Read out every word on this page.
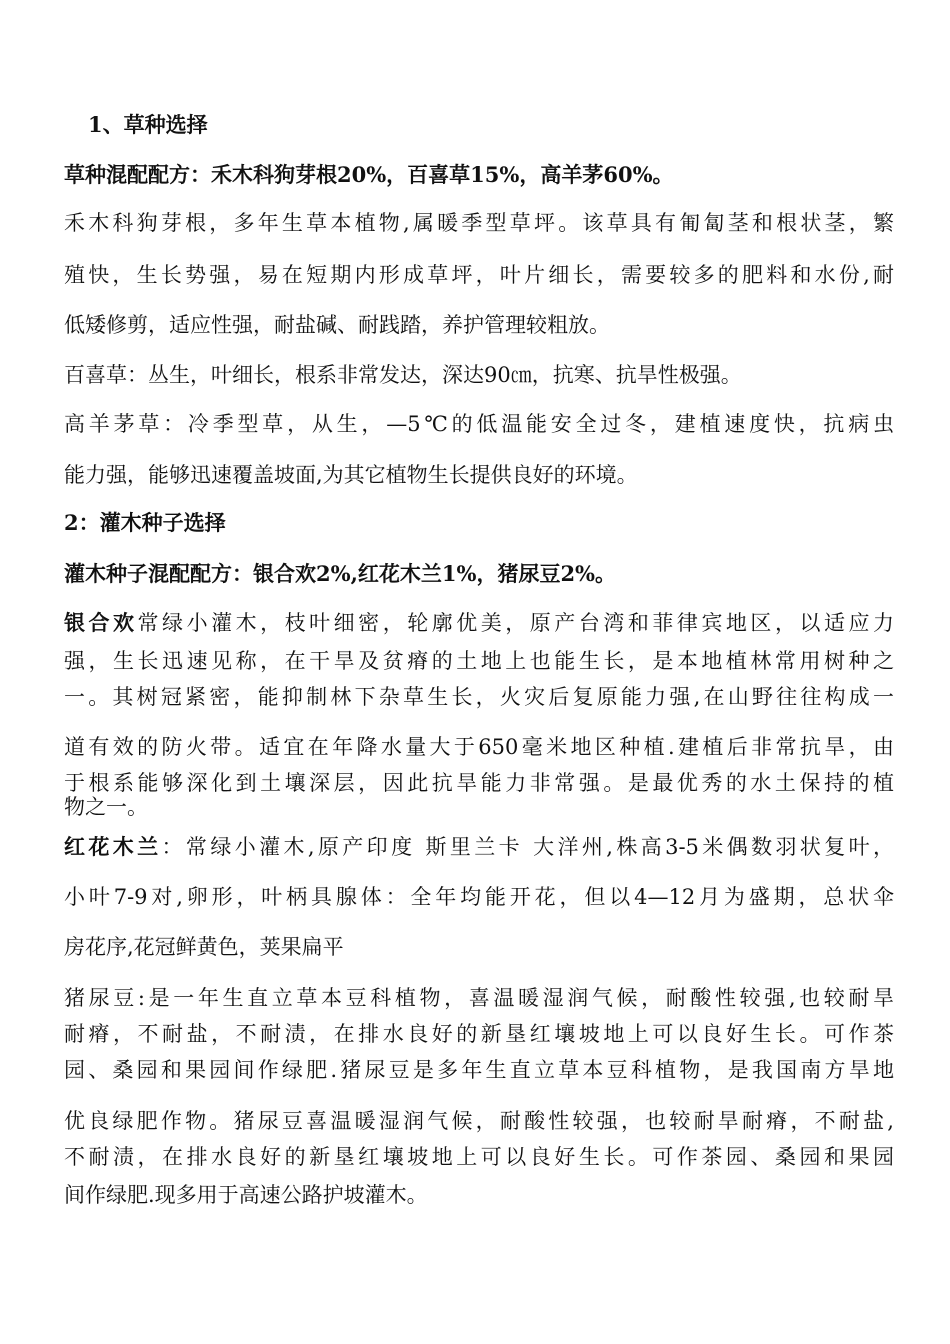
1、草种选择
草种混配配方：禾木科狗芽根20%，百喜草15%，高羊茅60%。
禾木科狗芽根，多年生草本植物,属暖季型草坪。该草具有匍匐茎和根状茎，繁
殖快，生长势强，易在短期内形成草坪，叶片细长，需要较多的肥料和水份,耐
低矮修剪，适应性强，耐盐碱、耐践踏，养护管理较粗放。
百喜草：丛生，叶细长，根系非常发达，深达90㎝，抗寒、抗旱性极强。
高羊茅草：冷季型草，从生，—5℃的低温能安全过冬，建植速度快，抗病虫
能力强，能够迅速覆盖坡面,为其它植物生长提供良好的环境。
2：灌木种子选择
灌木种子混配配方：银合欢2%,红花木兰1%，猪尿豆2%。
银合欢常绿小灌木，枝叶细密，轮廓优美，原产台湾和菲律宾地区，以适应力
强，生长迅速见称，在干旱及贫瘠的土地上也能生长，是本地植林常用树种之
一。其树冠紧密，能抑制林下杂草生长，火灾后复原能力强,在山野往往构成一
道有效的防火带。适宜在年降水量大于650毫米地区种植.建植后非常抗旱，由
于根系能够深化到土壤深层，因此抗旱能力非常强。是最优秀的水土保持的植
物之一。
红花木兰：常绿小灌木,原产印度 斯里兰卡 大洋州,株高3-5米偶数羽状复叶，
小叶7-9对,卵形，叶柄具腺体：全年均能开花，但以4—12月为盛期，总状伞
房花序,花冠鲜黄色，荚果扁平
猪尿豆:是一年生直立草本豆科植物，喜温暖湿润气候，耐酸性较强,也较耐旱
耐瘠，不耐盐，不耐渍，在排水良好的新垦红壤坡地上可以良好生长。可作茶
园、桑园和果园间作绿肥.猪尿豆是多年生直立草本豆科植物，是我国南方旱地
优良绿肥作物。猪尿豆喜温暖湿润气候，耐酸性较强，也较耐旱耐瘠，不耐盐,
不耐渍，在排水良好的新垦红壤坡地上可以良好生长。可作茶园、桑园和果园
间作绿肥.现多用于高速公路护坡灌木。
